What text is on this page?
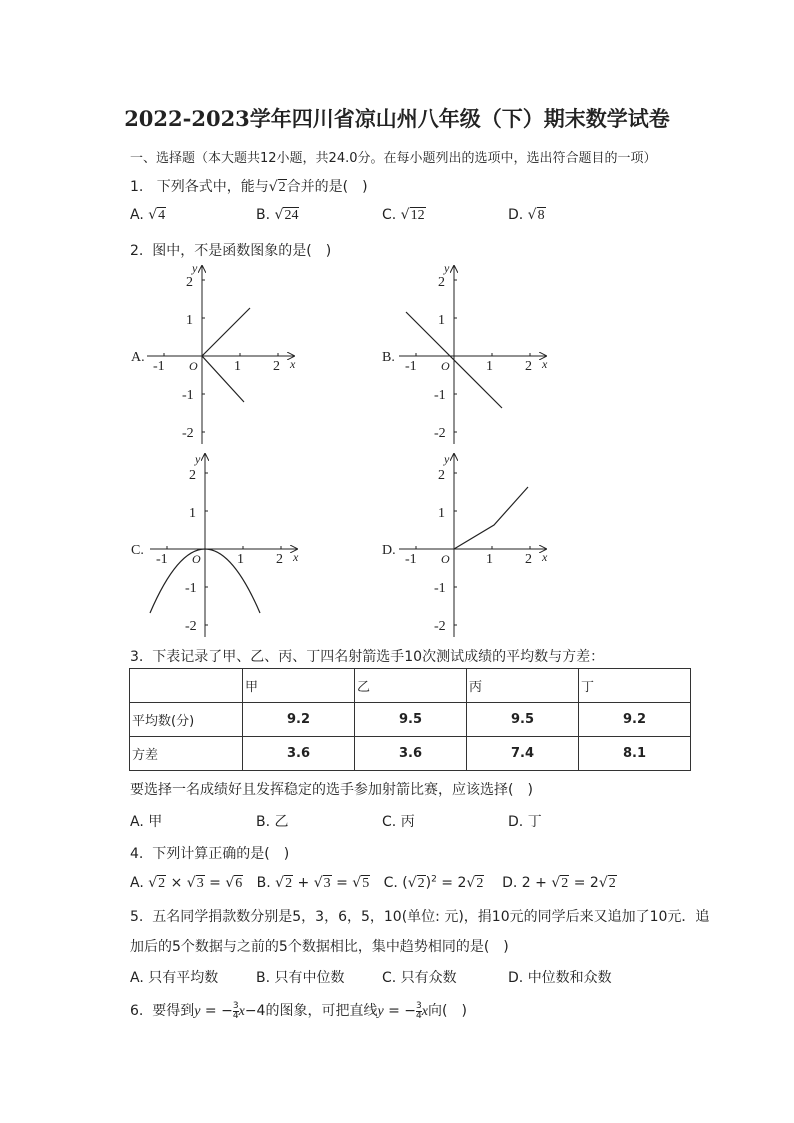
2022-2023学年四川省凉山州八年级（下）期末数学试卷
一、选择题（本大题共12小题，共24.0分。在每小题列出的选项中，选出符合题目的一项）
1. 下列各式中，能与√2合并的是(　)
A. √4	B. √24	C. √12	D. √8
2. 图中，不是函数图象的是(　)
y
x
O
-1	1 2
2
1
-1
-2
A.
y
x
O
-1	1 2
2
1
-1
-2
B.
y
x
O
-1	1 2
2
1
-1
-2
C.
y
x
O
-1	1 2
2
1
-1
-2
D.
3. 下表记录了甲、乙、丙、丁四名射箭选手10次测试成绩的平均数与方差：
	甲	乙	丙	丁
平均数(分)	9.2	9.5	9.5	9.2
方差	3.6	3.6	7.4	8.1
要选择一名成绩好且发挥稳定的选手参加射箭比赛，应该选择(　)
A. 甲	B. 乙	C. 丙	D. 丁
4. 下列计算正确的是(　)
A. √2 × √3 = √6 B. √2 + √3 = √5 C. $(√2)^2 = 2√2$ D. 2 + √2 = 2√2
5. 五名同学捐款数分别是5，3，6，5，10(单位: 元)，捐10元的同学后来又追加了10元．追
加后的5个数据与之前的5个数据相比，集中趋势相同的是(　)
A. 只有平均数	B. 只有中位数	C. 只有众数	D. 中位数和众数
6. 要得到y = − $\frac{3}{4} x-4$的图象，可把直线y = − $\frac{3}{4}$ x向(　)
